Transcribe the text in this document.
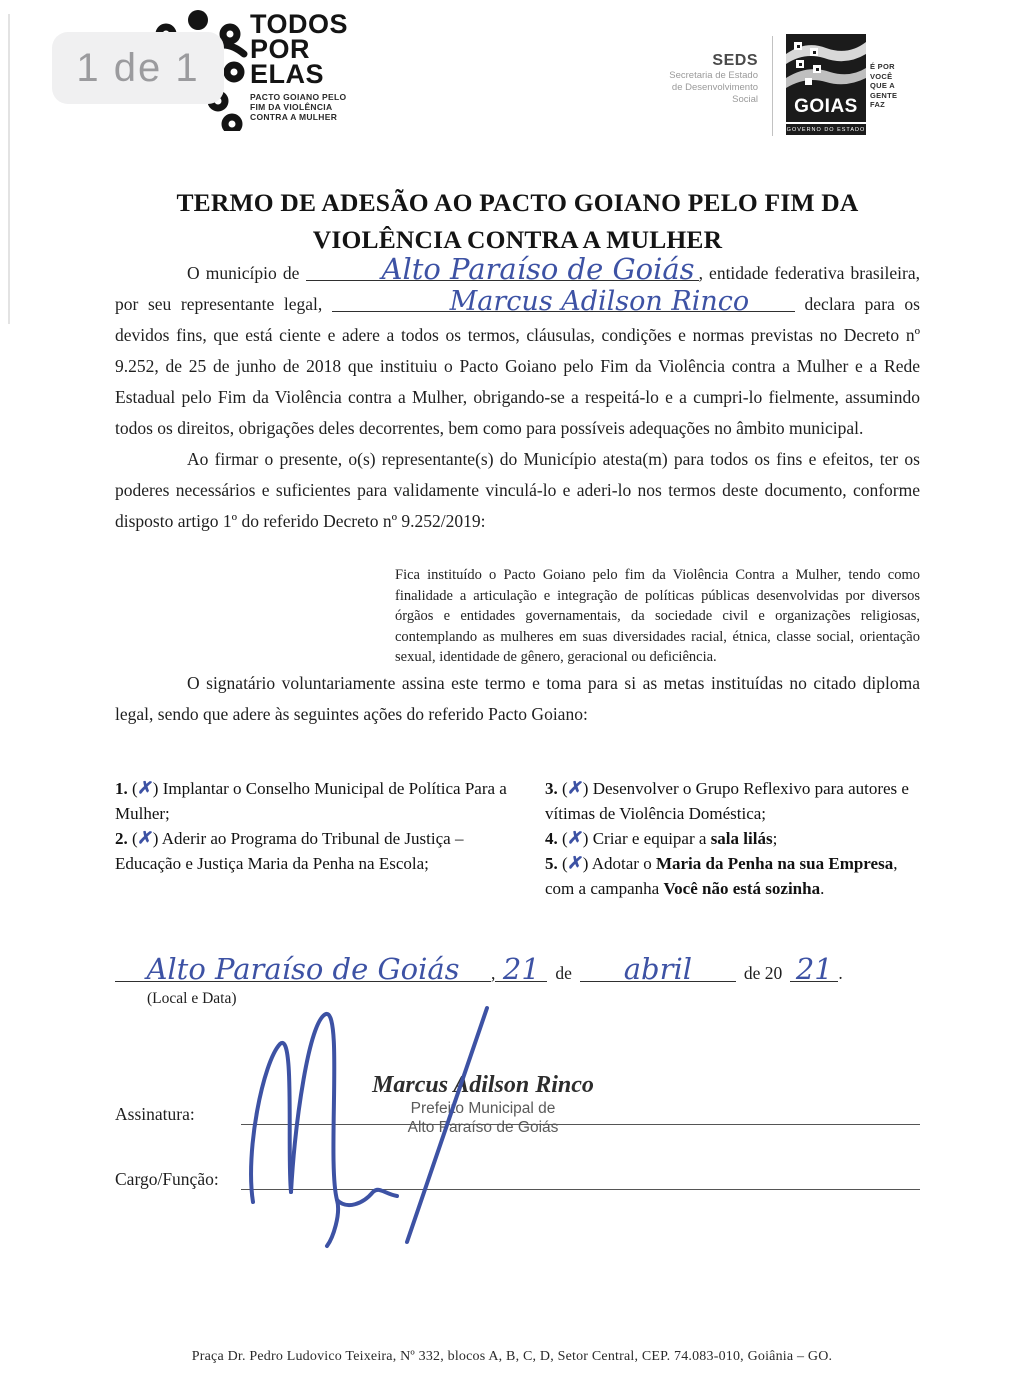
1 de 1
TODOS
POR
ELAS
PACTO GOIANO PELO
FIM DA VIOLÊNCIA
CONTRA A MULHER
SEDS
Secretaria de Estado
de Desenvolvimento
Social	GOIAS
GOVERNO DO ESTADO
É POR
VOCÊ
QUE A
GENTE
FAZ
TERMO DE ADESÃO AO PACTO GOIANO PELO FIM DA VIOLÊNCIA CONTRA A MULHER

O município de	Alto Paraíso de Goiás , entidade federativa brasileira, por seu representante legal,	Marcus Adilson Rinco	declara para os devidos fins, que está ciente e adere a todos os termos, cláusulas, condições e normas previstas no Decreto nº 9.252, de 25 de junho de 2018 que instituiu o Pacto Goiano pelo Fim da Violência contra a Mulher e a Rede Estadual pelo Fim da Violência contra a Mulher, obrigando-se a respeitá-lo e a cumpri-lo fielmente, assumindo todos os direitos, obrigações deles decorrentes, bem como para possíveis adequações no âmbito municipal.

Ao firmar o presente, o(s) representante(s) do Município atesta(m) para todos os fins e efeitos, ter os poderes necessários e suficientes para validamente vinculá-lo e aderi-lo nos termos deste documento, conforme disposto artigo 1º do referido Decreto nº 9.252/2019:

Fica instituído o Pacto Goiano pelo fim da Violência Contra a Mulher, tendo como finalidade a articulação e integração de políticas públicas desenvolvidas por diversos órgãos e entidades governamentais, da sociedade civil e organizações religiosas, contemplando as mulheres em suas diversidades racial, étnica, classe social, orientação sexual, identidade de gênero, geracional ou deficiência.

O signatário voluntariamente assina este termo e toma para si as metas instituídas no citado diploma legal, sendo que adere às seguintes ações do referido Pacto Goiano:

1. (✗) Implantar o Conselho Municipal de Política Para a Mulher;

2. (✗) Aderir ao Programa do Tribunal de Justiça – Educação e Justiça Maria da Penha na Escola;

3. (✗) Desenvolver o Grupo Reflexivo para autores e vítimas de Violência Doméstica;

4. (✗) Criar e equipar a sala lilás;

5. (✗) Adotar o Maria da Penha na sua Empresa, com a campanha Você não está sozinha.

Alto Paraíso de Goiás	, 21 de	abril	de 20 21 .
(Local e Data)
Marcus Adilson Rinco
Prefeito Municipal de
Alto Paraíso de Goiás
Assinatura:
Cargo/Função:
Praça Dr. Pedro Ludovico Teixeira, Nº 332, blocos A, B, C, D, Setor Central, CEP. 74.083-010, Goiânia – GO.
